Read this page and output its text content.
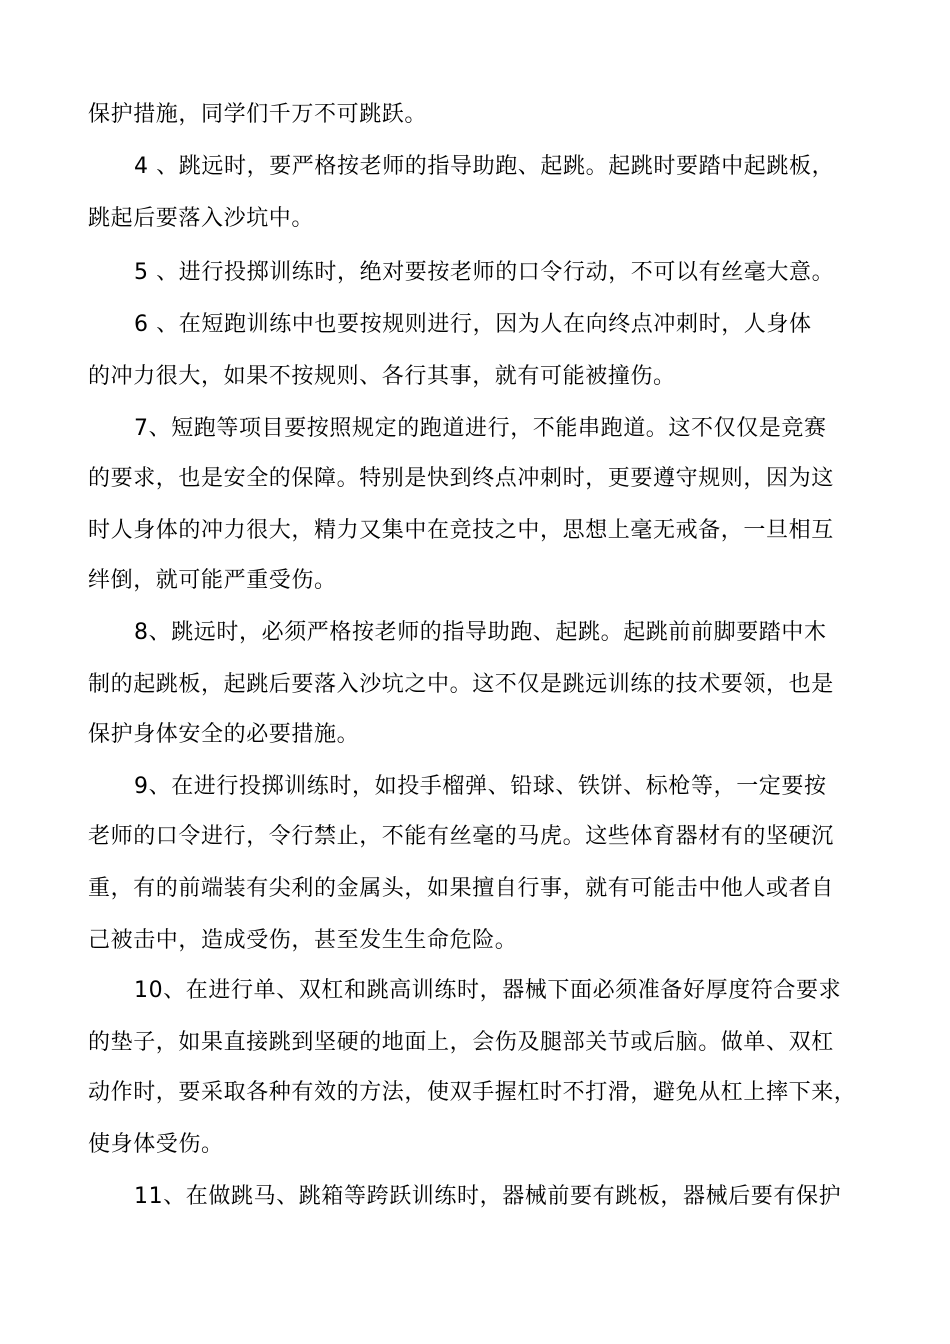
保护措施，同学们千万不可跳跃。
4 、跳远时，要严格按老师的指导助跑、起跳。起跳时要踏中起跳板，
跳起后要落入沙坑中。
5 、进行投掷训练时，绝对要按老师的口令行动，不可以有丝毫大意。
6 、在短跑训练中也要按规则进行，因为人在向终点冲刺时，人身体
的冲力很大，如果不按规则、各行其事，就有可能被撞伤。
7、短跑等项目要按照规定的跑道进行，不能串跑道。这不仅仅是竞赛
的要求，也是安全的保障。特别是快到终点冲刺时，更要遵守规则，因为这
时人身体的冲力很大，精力又集中在竞技之中，思想上毫无戒备，一旦相互
绊倒，就可能严重受伤。
8、跳远时，必须严格按老师的指导助跑、起跳。起跳前前脚要踏中木
制的起跳板，起跳后要落入沙坑之中。这不仅是跳远训练的技术要领，也是
保护身体安全的必要措施。
9、在进行投掷训练时，如投手榴弹、铅球、铁饼、标枪等，一定要按
老师的口令进行，令行禁止，不能有丝毫的马虎。这些体育器材有的坚硬沉
重，有的前端装有尖利的金属头，如果擅自行事，就有可能击中他人或者自
己被击中，造成受伤，甚至发生生命危险。
10、在进行单、双杠和跳高训练时，器械下面必须准备好厚度符合要求
的垫子，如果直接跳到坚硬的地面上，会伤及腿部关节或后脑。做单、双杠
动作时，要采取各种有效的方法，使双手握杠时不打滑，避免从杠上摔下来，
使身体受伤。
11、在做跳马、跳箱等跨跃训练时，器械前要有跳板，器械后要有保护
